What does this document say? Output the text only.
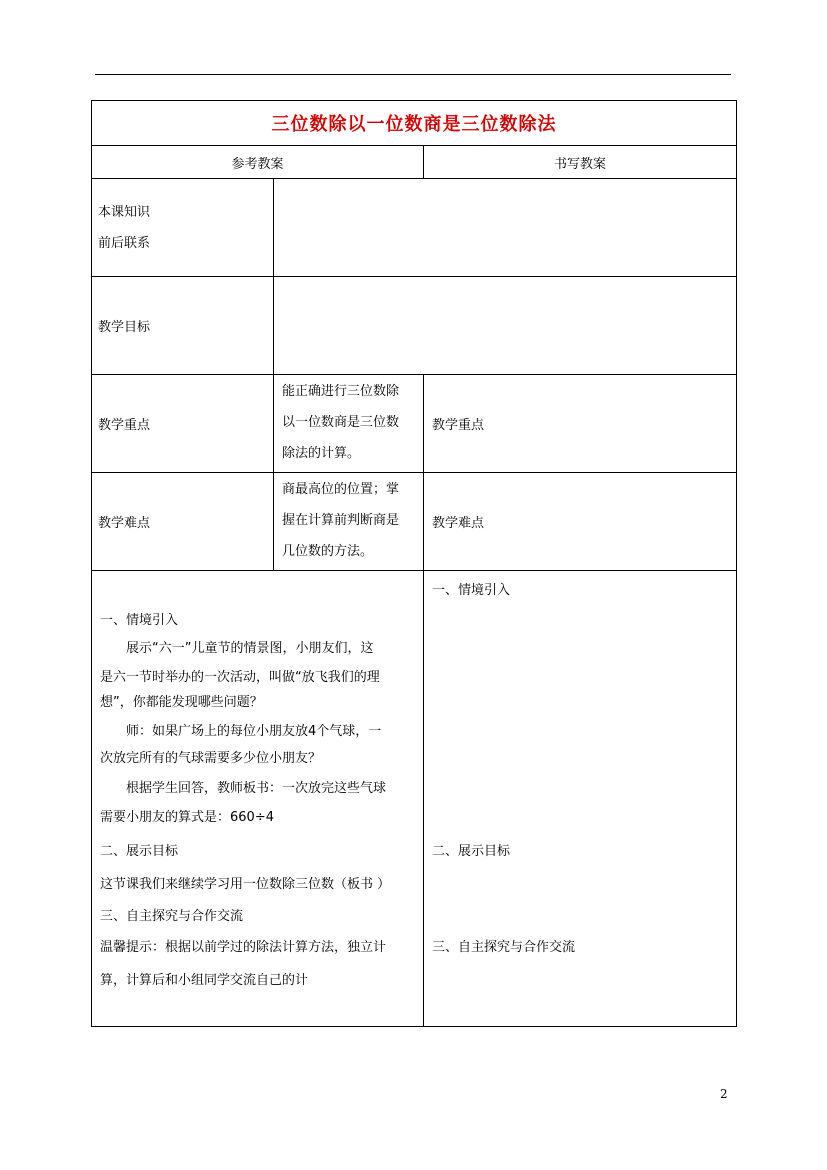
三位数除以一位数商是三位数除法
参考教案	书写教案
本课知识
前后联系
教学目标
教学重点
能正确进行三位数除
以一位数商是三位数
除法的计算。
教学重点
教学难点
商最高位的位置；掌
握在计算前判断商是
几位数的方法。
教学难点
一、情境引入
展示“六一”儿童节的情景图，小朋友们，这
是六一节时举办的一次活动，叫做“放飞我们的理
想”，你都能发现哪些问题？
师：如果广场上的每位小朋友放4个气球，一
次放完所有的气球需要多少位小朋友？
根据学生回答，教师板书：一次放完这些气球
需要小朋友的算式是：660÷4
二、展示目标
这节课我们来继续学习用一位数除三位数（板书 ）
三、自主探究与合作交流
温馨提示：根据以前学过的除法计算方法，独立计
算，计算后和小组同学交流自己的计
一、情境引入
二、展示目标
三、自主探究与合作交流
2
